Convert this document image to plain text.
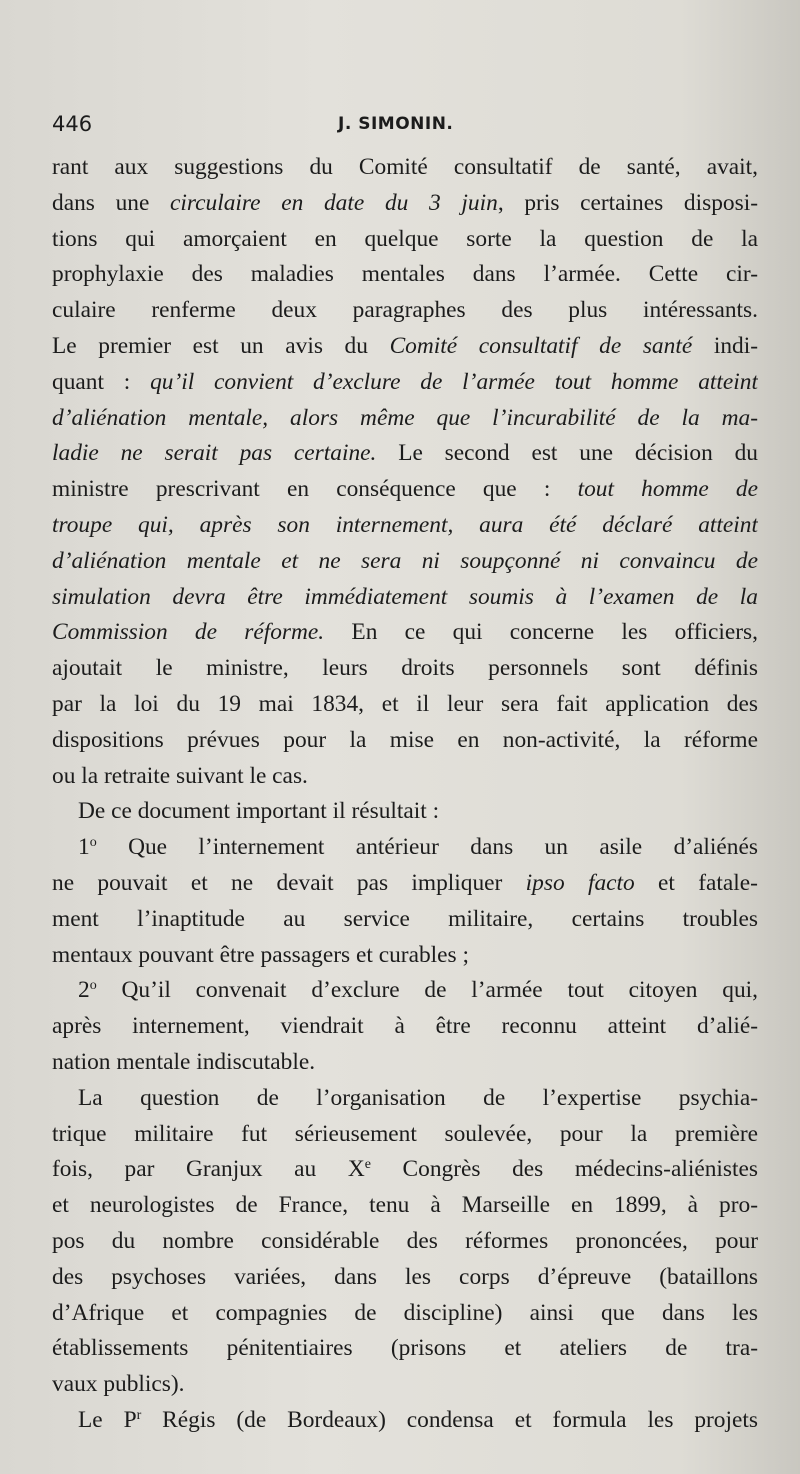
446	J. SIMONIN.
rant aux suggestions du Comité consultatif de santé, avait,
dans une circulaire en date du 3 juin, pris certaines disposi-
tions qui amorçaient en quelque sorte la question de la
prophylaxie des maladies mentales dans l’armée. Cette cir-
culaire renferme deux paragraphes des plus intéressants.
Le premier est un avis du Comité consultatif de santé indi-
quant : qu’il convient d’exclure de l’armée tout homme atteint
d’aliénation mentale, alors même que l’incurabilité de la ma-
ladie ne serait pas certaine. Le second est une décision du
ministre prescrivant en conséquence que : tout homme de
troupe qui, après son internement, aura été déclaré atteint
d’aliénation mentale et ne sera ni soupçonné ni convaincu de
simulation devra être immédiatement soumis à l’examen de la
Commission de réforme. En ce qui concerne les officiers,
ajoutait le ministre, leurs droits personnels sont définis
par la loi du 19 mai 1834, et il leur sera fait application des
dispositions prévues pour la mise en non-activité, la réforme
ou la retraite suivant le cas.
De ce document important il résultait :
1$^o$ Que l’internement antérieur dans un asile d’aliénés
ne pouvait et ne devait pas impliquer ipso facto et fatale-
ment l’inaptitude au service militaire, certains troubles
mentaux pouvant être passagers et curables ;
2$^o$ Qu’il convenait d’exclure de l’armée tout citoyen qui,
après internement, viendrait à être reconnu atteint d’alié-
nation mentale indiscutable.
La question de l’organisation de l’expertise psychia-
trique militaire fut sérieusement soulevée, pour la première
fois, par Granjux au Xe Congrès des médecins-aliénistes
et neurologistes de France, tenu à Marseille en 1899, à pro-
pos du nombre considérable des réformes prononcées, pour
des psychoses variées, dans les corps d’épreuve (bataillons
d’Afrique et compagnies de discipline) ainsi que dans les
établissements pénitentiaires (prisons et ateliers de tra-
vaux publics).
Le $P^r$ Régis (de Bordeaux) condensa et formula les projets
